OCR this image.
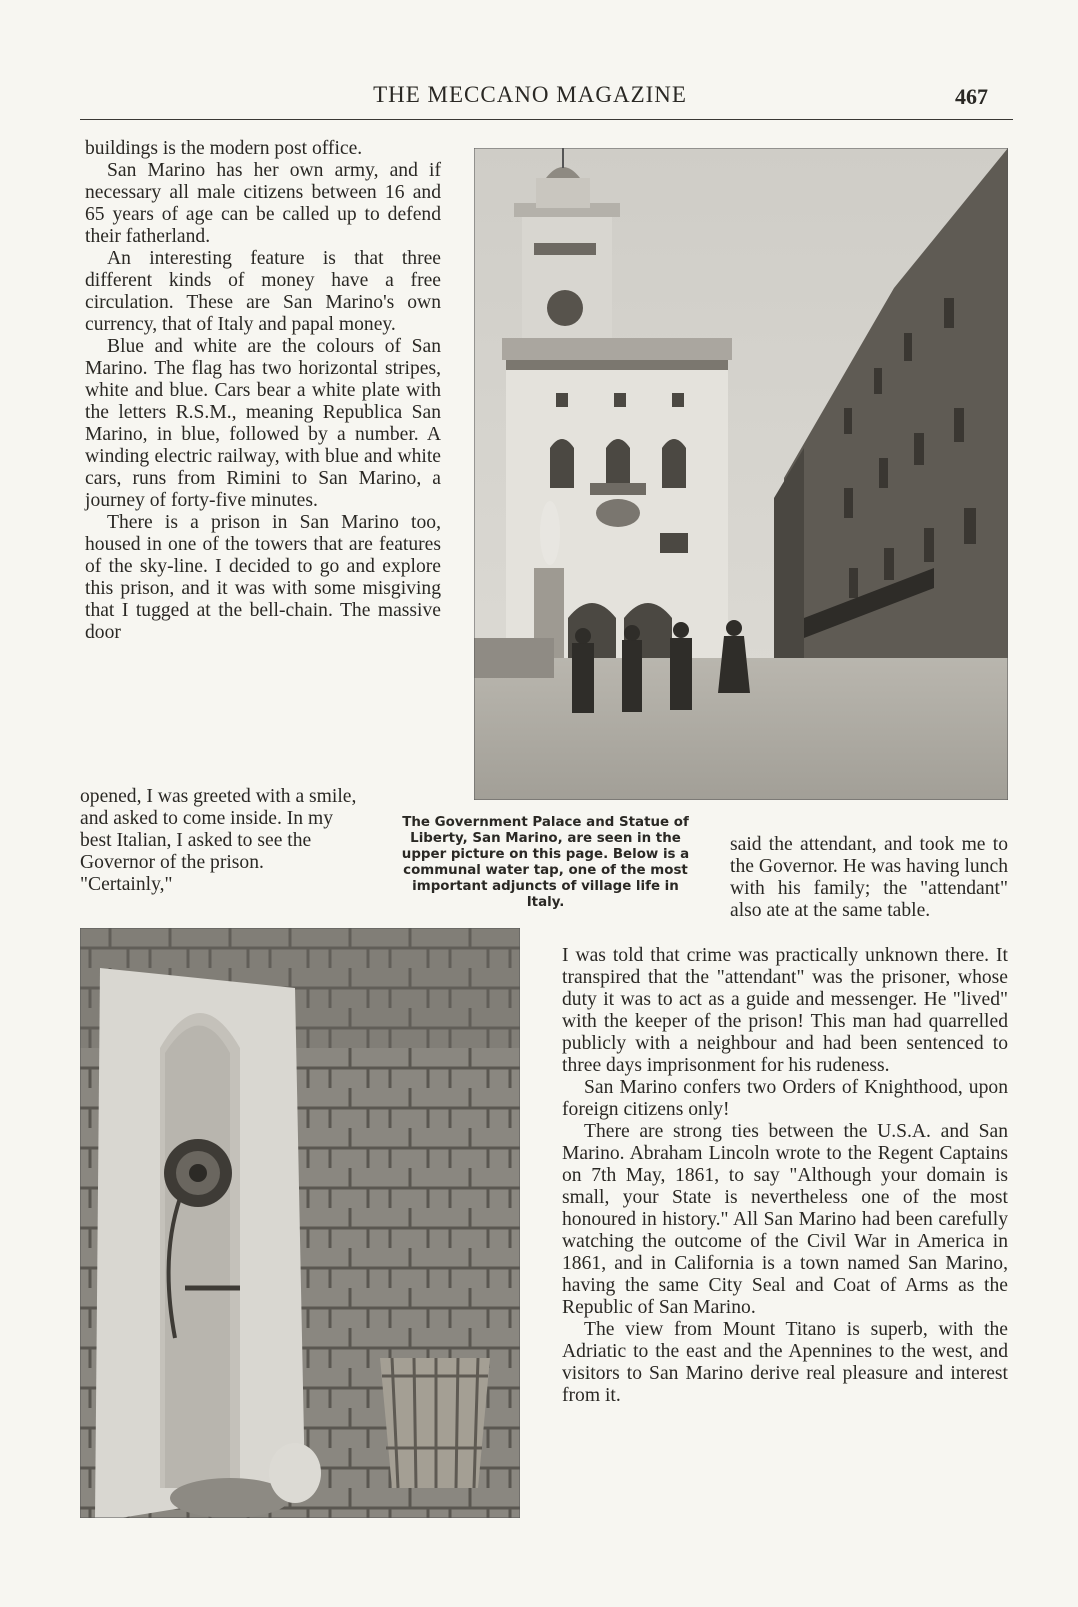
THE MECCANO MAGAZINE	467

buildings is the modern post office.

San Marino has her own army, and if necessary all male citizens between 16 and 65 years of age can be called up to defend their fatherland.

An interesting feature is that three different kinds of money have a free circulation. These are San Marino's own currency, that of Italy and papal money.

Blue and white are the colours of San Marino. The flag has two horizontal stripes, white and blue. Cars bear a white plate with the letters R.S.M., meaning Republica San Marino, in blue, followed by a number. A winding electric railway, with blue and white cars, runs from Rimini to San Marino, a journey of forty-five minutes.

There is a prison in San Marino too, housed in one of the towers that are features of the sky-line. I decided to go and explore this prison, and it was with some misgiving that I tugged at the bell-chain. The massive door

opened, I was greeted with a smile, and asked to come inside. In my best Italian, I asked to see the Governor of the prison. "Certainly,"

The Government Palace and Statue of Liberty, San Marino, are seen in the upper picture on this page. Below is a communal water tap, one of the most important adjuncts of village life in Italy.

said the attendant, and took me to the Governor. He was having lunch with his family; the "attendant" also ate at the same table.

I was told that crime was practically unknown there. It transpired that the "attendant" was the prisoner, whose duty it was to act as a guide and messenger. He "lived" with the keeper of the prison! This man had quarrelled publicly with a neighbour and had been sentenced to three days imprisonment for his rudeness.

San Marino confers two Orders of Knighthood, upon foreign citizens only!

There are strong ties between the U.S.A. and San Marino. Abraham Lincoln wrote to the Regent Captains on 7th May, 1861, to say "Although your domain is small, your State is nevertheless one of the most honoured in history." All San Marino had been carefully watching the outcome of the Civil War in America in 1861, and in California is a town named San Marino, having the same City Seal and Coat of Arms as the Republic of San Marino.

The view from Mount Titano is superb, with the Adriatic to the east and the Apennines to the west, and visitors to San Marino derive real pleasure and interest from it.
